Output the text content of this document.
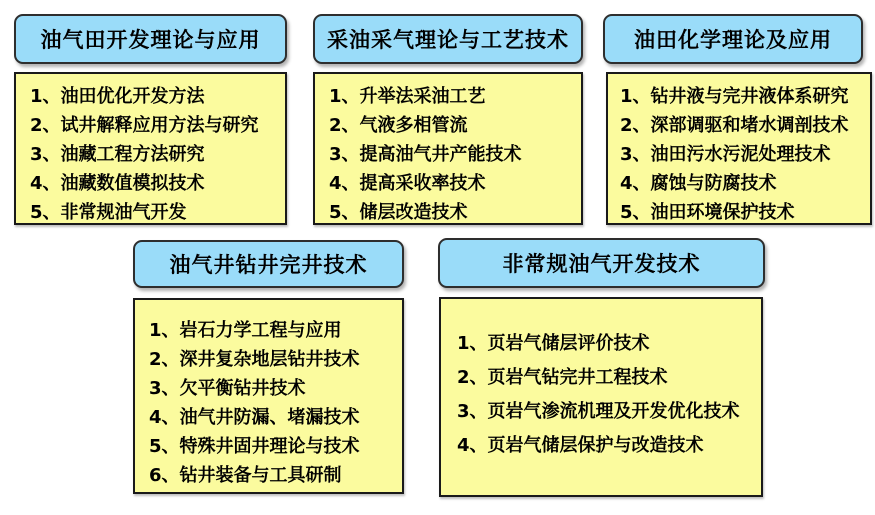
油气田开发理论与应用
1、油田优化开发方法
2、试井解释应用方法与研究
3、油藏工程方法研究
4、油藏数值模拟技术
5、非常规油气开发
采油采气理论与工艺技术
1、升举法采油工艺
2、气液多相管流
3、提高油气井产能技术
4、提高采收率技术
5、储层改造技术
油田化学理论及应用
1、钻井液与完井液体系研究
2、深部调驱和堵水调剖技术
3、油田污水污泥处理技术
4、腐蚀与防腐技术
5、油田环境保护技术
油气井钻井完井技术
1、岩石力学工程与应用
2、深井复杂地层钻井技术
3、欠平衡钻井技术
4、油气井防漏、堵漏技术
5、特殊井固井理论与技术
6、钻井装备与工具研制
非常规油气开发技术
1、页岩气储层评价技术
2、页岩气钻完井工程技术
3、页岩气渗流机理及开发优化技术
4、页岩气储层保护与改造技术
